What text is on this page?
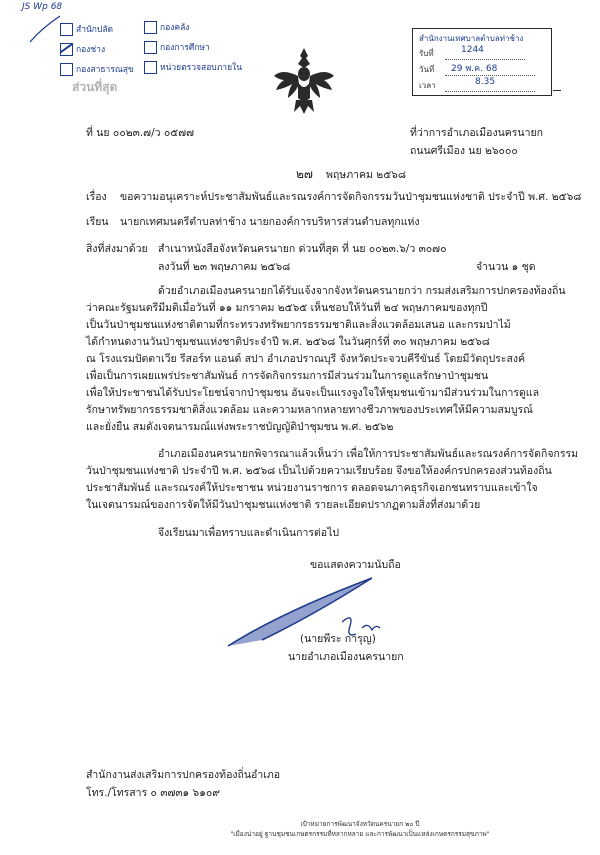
JS Wp 68
สำนักปลัด	กองคลัง
กองช่าง	กองการศึกษา
กองสาธารณสุข	หน่วยตรวจสอบภายใน
ส่วนที่สุด
สำนักงานเทศบาลตำบลท่าช้าง
รับที่	1244
วันที่ 29 พ.ค. 68
เวลา	8.35
ที่ นย ๐๐๒๓.๗/ว ๐๕๗๗	ที่ว่าการอำเภอเมืองนครนายก
ถนนศรีเมือง นย ๒๖๐๐๐
๒๗ พฤษภาคม ๒๕๖๘
เรื่อง ขอความอนุเคราะห์ประชาสัมพันธ์และรณรงค์การจัดกิจกรรมวันป่าชุมชนแห่งชาติ ประจำปี พ.ศ. ๒๕๖๘
เรียน นายกเทศมนตรีตำบลท่าช้าง นายกองค์การบริหารส่วนตำบลทุกแห่ง
สิ่งที่ส่งมาด้วย สำเนาหนังสือจังหวัดนครนายก ด่วนที่สุด ที่ นย ๐๐๒๓.๖/ว ๓๐๗๐
ลงวันที่ ๒๓ พฤษภาคม ๒๕๖๘	จำนวน ๑ ชุด
ด้วยอำเภอเมืองนครนายกได้รับแจ้งจากจังหวัดนครนายกว่า กรมส่งเสริมการปกครองท้องถิ่น
ว่าคณะรัฐมนตรีมีมติเมื่อวันที่ ๑๑ มกราคม ๒๕๖๕ เห็นชอบให้วันที่ ๒๔ พฤษภาคมของทุกปี
เป็นวันป่าชุมชนแห่งชาติตามที่กระทรวงทรัพยากรธรรมชาติและสิ่งแวดล้อมเสนอ และกรมป่าไม้
ได้กำหนดงานวันป่าชุมชนแห่งชาติประจำปี พ.ศ. ๒๕๖๘ ในวันศุกร์ที่ ๓๐ พฤษภาคม ๒๕๖๘
ณ โรงแรมปัตตาเวีย รีสอร์ท แอนด์ สปา อำเภอปราณบุรี จังหวัดประจวบคีรีขันธ์ โดยมีวัตถุประสงค์
เพื่อเป็นการเผยแพร่ประชาสัมพันธ์ การจัดกิจกรรมการมีส่วนร่วมในการดูแลรักษาป่าชุมชน
เพื่อให้ประชาชนได้รับประโยชน์จากป่าชุมชน อันจะเป็นแรงจูงใจให้ชุมชนเข้ามามีส่วนร่วมในการดูแล
รักษาทรัพยากรธรรมชาติสิ่งแวดล้อม และความหลากหลายทางชีวภาพของประเทศให้มีความสมบูรณ์
และยั่งยืน สมดังเจตนารมณ์แห่งพระราชบัญญัติป่าชุมชน พ.ศ. ๒๕๖๒
อำเภอเมืองนครนายกพิจารณาแล้วเห็นว่า เพื่อให้การประชาสัมพันธ์และรณรงค์การจัดกิจกรรม
วันป่าชุมชนแห่งชาติ ประจำปี พ.ศ. ๒๕๖๘ เป็นไปด้วยความเรียบร้อย จึงขอให้องค์กรปกครองส่วนท้องถิ่น
ประชาสัมพันธ์ และรณรงค์ให้ประชาชน หน่วยงานราชการ ตลอดจนภาคธุรกิจเอกชนทราบและเข้าใจ
ในเจตนารมณ์ของการจัดให้มีวันป่าชุมชนแห่งชาติ รายละเอียดปรากฏตามสิ่งที่ส่งมาด้วย
จึงเรียนมาเพื่อทราบและดำเนินการต่อไป
ขอแสดงความนับถือ
(นายพีระ การุญ)
นายอำเภอเมืองนครนายก
สำนักงานส่งเสริมการปกครองท้องถิ่นอำเภอ
โทร./โทรสาร ๐ ๓๗๓๑ ๖๑๐๙
เป้าหมายการพัฒนาจังหวัดนครนายก ๒๐ ปี
"เมืองน่าอยู่ ฐานชุมชนเกษตรกรรมที่หลากหลาย และการพัฒนาเป็นแหล่งเกษตรกรรมสุขภาพ"
